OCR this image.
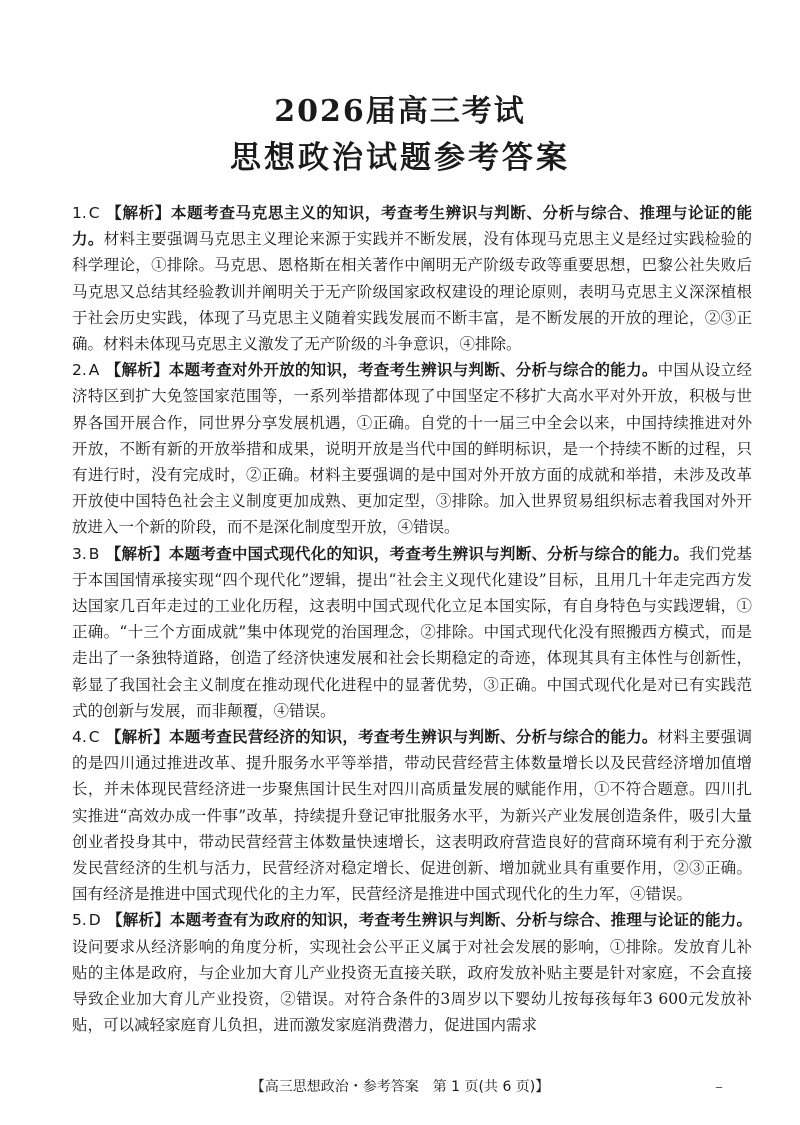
2026届高三考试
思想政治试题参考答案

1. C 【解析】本题考查马克思主义的知识，考查考生辨识与判断、分析与综合、推理与论证的能力。材料主要强调马克思主义理论来源于实践并不断发展，没有体现马克思主义是经过实践检验的科学理论，①排除。马克思、恩格斯在相关著作中阐明无产阶级专政等重要思想，巴黎公社失败后马克思又总结其经验教训并阐明关于无产阶级国家政权建设的理论原则，表明马克思主义深深植根于社会历史实践，体现了马克思主义随着实践发展而不断丰富，是不断发展的开放的理论，②③正确。材料未体现马克思主义激发了无产阶级的斗争意识，④排除。

2. A 【解析】本题考查对外开放的知识，考查考生辨识与判断、分析与综合的能力。中国从设立经济特区到扩大免签国家范围等，一系列举措都体现了中国坚定不移扩大高水平对外开放，积极与世界各国开展合作，同世界分享发展机遇，①正确。自党的十一届三中全会以来，中国持续推进对外开放，不断有新的开放举措和成果，说明开放是当代中国的鲜明标识，是一个持续不断的过程，只有进行时，没有完成时，②正确。材料主要强调的是中国对外开放方面的成就和举措，未涉及改革开放使中国特色社会主义制度更加成熟、更加定型，③排除。加入世界贸易组织标志着我国对外开放进入一个新的阶段，而不是深化制度型开放，④错误。

3. B 【解析】本题考查中国式现代化的知识，考查考生辨识与判断、分析与综合的能力。我们党基于本国国情承接实现“四个现代化”逻辑，提出“社会主义现代化建设”目标，且用几十年走完西方发达国家几百年走过的工业化历程，这表明中国式现代化立足本国实际，有自身特色与实践逻辑，①正确。“十三个方面成就”集中体现党的治国理念，②排除。中国式现代化没有照搬西方模式，而是走出了一条独特道路，创造了经济快速发展和社会长期稳定的奇迹，体现其具有主体性与创新性，彰显了我国社会主义制度在推动现代化进程中的显著优势，③正确。中国式现代化是对已有实践范式的创新与发展，而非颠覆，④错误。

4. C 【解析】本题考查民营经济的知识，考查考生辨识与判断、分析与综合的能力。材料主要强调的是四川通过推进改革、提升服务水平等举措，带动民营经营主体数量增长以及民营经济增加值增长，并未体现民营经济进一步聚焦国计民生对四川高质量发展的赋能作用，①不符合题意。四川扎实推进“高效办成一件事”改革，持续提升登记审批服务水平，为新兴产业发展创造条件，吸引大量创业者投身其中，带动民营经营主体数量快速增长，这表明政府营造良好的营商环境有利于充分激发民营经济的生机与活力，民营经济对稳定增长、促进创新、增加就业具有重要作用，②③正确。国有经济是推进中国式现代化的主力军，民营经济是推进中国式现代化的生力军，④错误。

5. D 【解析】本题考查有为政府的知识，考查考生辨识与判断、分析与综合、推理与论证的能力。设问要求从经济影响的角度分析，实现社会公平正义属于对社会发展的影响，①排除。发放育儿补贴的主体是政府，与企业加大育儿产业投资无直接关联，政府发放补贴主要是针对家庭，不会直接导致企业加大育儿产业投资，②错误。对符合条件的3周岁以下婴幼儿按每孩每年3 600元发放补贴，可以减轻家庭育儿负担，进而激发家庭消费潜力，促进国内需求

【高三思想政治・参考答案　第 1 页(共 6 页)】	_
